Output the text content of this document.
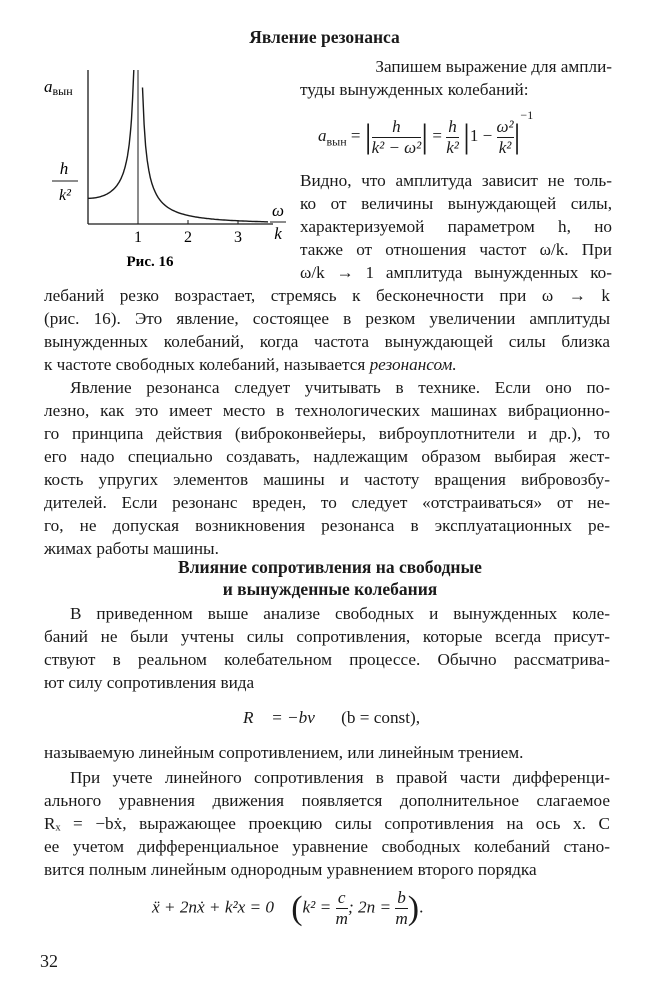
Явление резонанса
1	2	3
aвын
h
k²
ω
k
Рис. 16
Запишем выражение для ампли-
туды вынужденных колебаний:
$a_{вын}$ = | $\frac{h}{\text{k² − ω²}}$ | = $\frac{h}{\text{k²}} |1 - \frac{\text{ω²}}{\text{k²}} |^{-1}$
Видно, что амплитуда зависит не толь-
ко от величины вынуждающей силы,
характеризуемой параметром h, но
также от отношения частот ω/k. При
ω/k → 1 амплитуда вынужденных ко-
лебаний резко возрастает, стремясь к бесконечности при ω → k
(рис. 16). Это явление, состоящее в резком увеличении амплитуды
вынужденных колебаний, когда частота вынуждающей силы близка
к частоте свободных колебаний, называется резонансом.
Явление резонанса следует учитывать в технике. Если оно по-
лезно, как это имеет место в технологических машинах вибрационно-
го принципа действия (виброконвейеры, виброуплотнители и др.), то
его надо специально создавать, надлежащим образом выбирая жест-
кость упругих элементов машины и частоту вращения вибровозбу-
дителей. Если резонанс вреден, то следует «отстраиваться» от не-
го, не допуская возникновения резонанса в эксплуатационных ре-
жимах работы машины.
Влияние сопротивления на свободные
и вынужденные колебания
В приведенном выше анализе свободных и вынужденных коле-
баний не были учтены силы сопротивления, которые всегда присут-
ствуют в реальном колебательном процессе. Обычно рассматрива-
ют силу сопротивления вида
R⃗ = −bv⃗ (b = const),
называемую линейным сопротивлением, или линейным трением.
При учете линейного сопротивления в правой части дифференци-
ального уравнения движения появляется дополнительное слагаемое
Rₓ = −bẋ, выражающее проекцию силы сопротивления на ось x. С
ее учетом дифференциальное уравнение свободных колебаний стано-
вится полным линейным однородным уравнением второго порядка
ẍ + 2nẋ + k²x = 0 ($k^2 = \frac{c}{m}$ ; $2n = \frac{b}{m}$ ).
32
